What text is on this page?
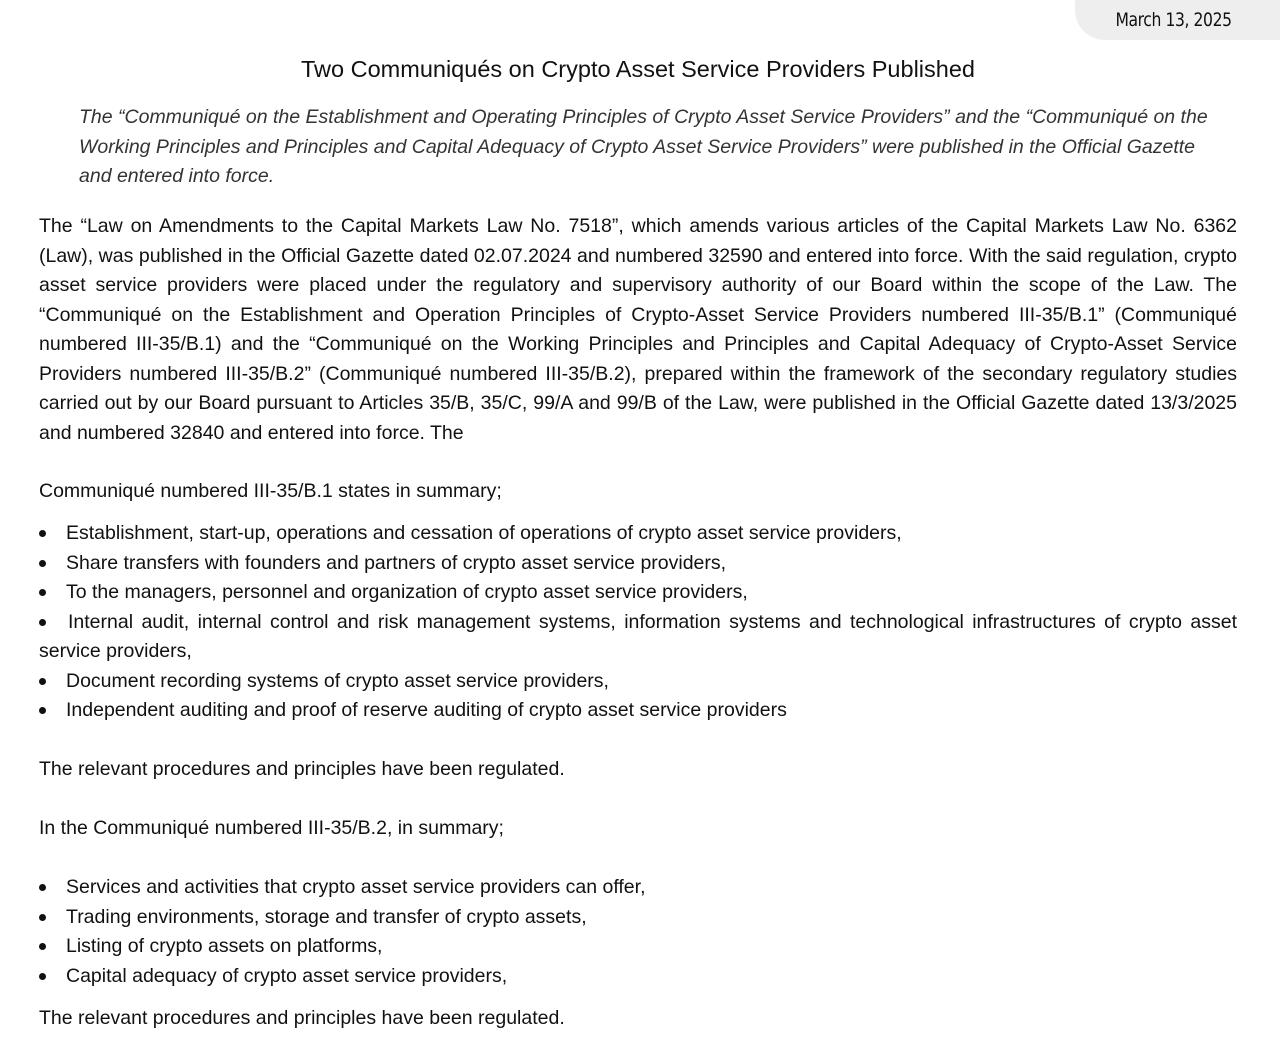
March 13, 2025
Two Communiqués on Crypto Asset Service Providers Published

The “Communiqué on the Establishment and Operating Principles of Crypto Asset Service Providers” and the “Communiqué on the Working Principles and Principles and Capital Adequacy of Crypto Asset Service Providers” were published in the Official Gazette and entered into force.

The “Law on Amendments to the Capital Markets Law No. 7518”, which amends various articles of the Capital Markets Law No. 6362 (Law), was published in the Official Gazette dated 02.07.2024 and numbered 32590 and entered into force. With the said regulation, crypto asset service providers were placed under the regulatory and supervisory authority of our Board within the scope of the Law. The “Communiqué on the Establishment and Operation Principles of Crypto-Asset Service Providers numbered III-35/B.1” (Communiqué numbered III-35/B.1) and the “Communiqué on the Working Principles and Principles and Capital Adequacy of Crypto-Asset Service Providers numbered III-35/B.2” (Communiqué numbered III-35/B.2), prepared within the framework of the secondary regulatory studies carried out by our Board pursuant to Articles 35/B, 35/C, 99/A and 99/B of the Law, were published in the Official Gazette dated 13/3/2025 and numbered 32840 and entered into force. The

Communiqué numbered III-35/B.1 states in summary;

Establishment, start-up, operations and cessation of operations of crypto asset service providers,
Share transfers with founders and partners of crypto asset service providers,
To the managers, personnel and organization of crypto asset service providers,
Internal audit, internal control and risk management systems, information systems and technological infrastructures of crypto asset service providers,
Document recording systems of crypto asset service providers,
Independent auditing and proof of reserve auditing of crypto asset service providers

The relevant procedures and principles have been regulated.

In the Communiqué numbered III-35/B.2, in summary;

Services and activities that crypto asset service providers can offer,
Trading environments, storage and transfer of crypto assets,
Listing of crypto assets on platforms,
Capital adequacy of crypto asset service providers,

The relevant procedures and principles have been regulated.
